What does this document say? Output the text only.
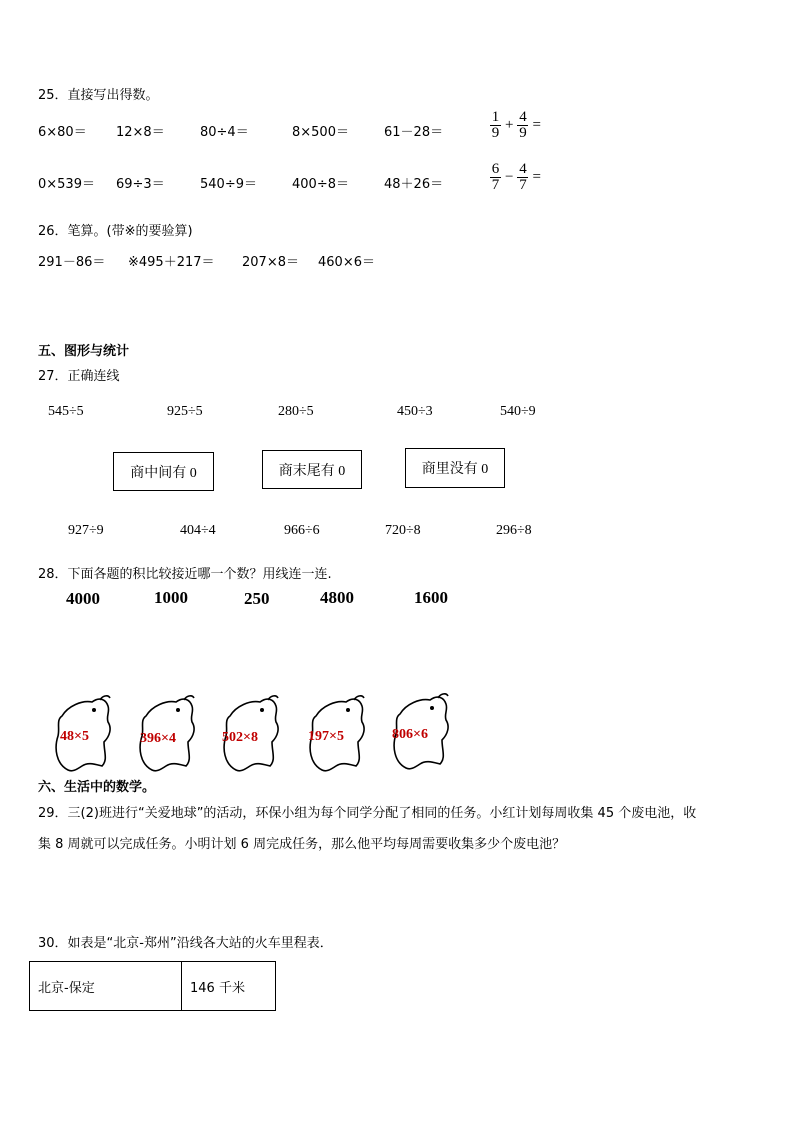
25．直接写出得数。
6×80＝ 12×8＝	80÷4＝	8×500＝	61－28＝
1
9 + 4
9 =
0×539＝ 69÷3＝	540÷9＝	400÷8＝	48＋26＝
6
7 − 4
7 =
26．笔算。(带※的要验算)
291－86＝ ※495＋217＝ 207×8＝ 460×6＝
五、图形与统计
27．正确连线
545÷5	925÷5	280÷5	450÷3	540÷9
商中间有 0	商末尾有 0	商里没有 0
927÷9	404÷4	966÷6	720÷8	296÷8
28．下面各题的积比较接近哪一个数？用线连一连.
4000	1000	250	4800	1600
48×5	396×4	502×8	197×5	806×6
六、生活中的数学。
29．三(2)班进行“关爱地球”的活动，环保小组为每个同学分配了相同的任务。小红计划每周收集 45 个废电池，收
集 8 周就可以完成任务。小明计划 6 周完成任务，那么他平均每周需要收集多少个废电池？
30．如表是“北京-郑州”沿线各大站的火车里程表．
北京-保定	146 千米
